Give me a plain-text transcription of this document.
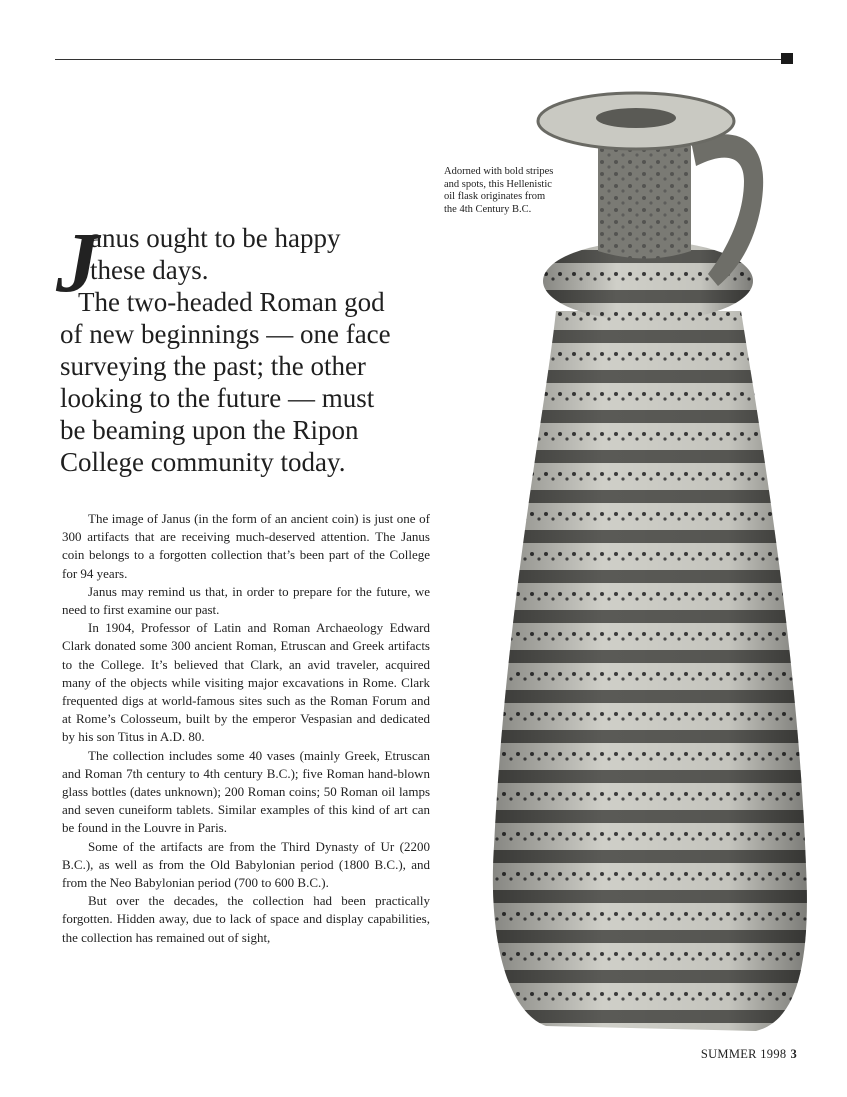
Adorned with bold stripes
and spots, this Hellenistic
oil flask originates from
the 4th Century B.C.
J
anus ought to be happy
these days.
The two-headed Roman god
of new beginnings — one face
surveying the past; the other
looking to the future — must
be beaming upon the Ripon
College community today.

The image of Janus (in the form of an ancient coin) is just one of 300 artifacts that are receiving much-deserved attention. The Janus coin belongs to a forgotten collection that’s been part of the College for 94 years.

Janus may remind us that, in order to prepare for the future, we need to first examine our past.

In 1904, Professor of Latin and Roman Archaeology Edward Clark donated some 300 ancient Roman, Etruscan and Greek artifacts to the College. It’s believed that Clark, an avid traveler, acquired many of the objects while visiting major excavations in Rome. Clark frequented digs at world-famous sites such as the Roman Forum and at Rome’s Colosseum, built by the emperor Vespasian and dedicated by his son Titus in A.D. 80.

The collection includes some 40 vases (mainly Greek, Etruscan and Roman 7th century to 4th century B.C.); five Roman hand-blown glass bottles (dates unknown); 200 Roman coins; 50 Roman oil lamps and seven cuneiform tablets. Similar examples of this kind of art can be found in the Louvre in Paris.

Some of the artifacts are from the Third Dynasty of Ur (2200 B.C.), as well as from the Old Babylonian period (1800 B.C.), and from the Neo Babylonian period (700 to 600 B.C.).

But over the decades, the collection had been practically forgotten. Hidden away, due to lack of space and display capabilities, the collection has remained out of sight,

SUMMER 1998 3
